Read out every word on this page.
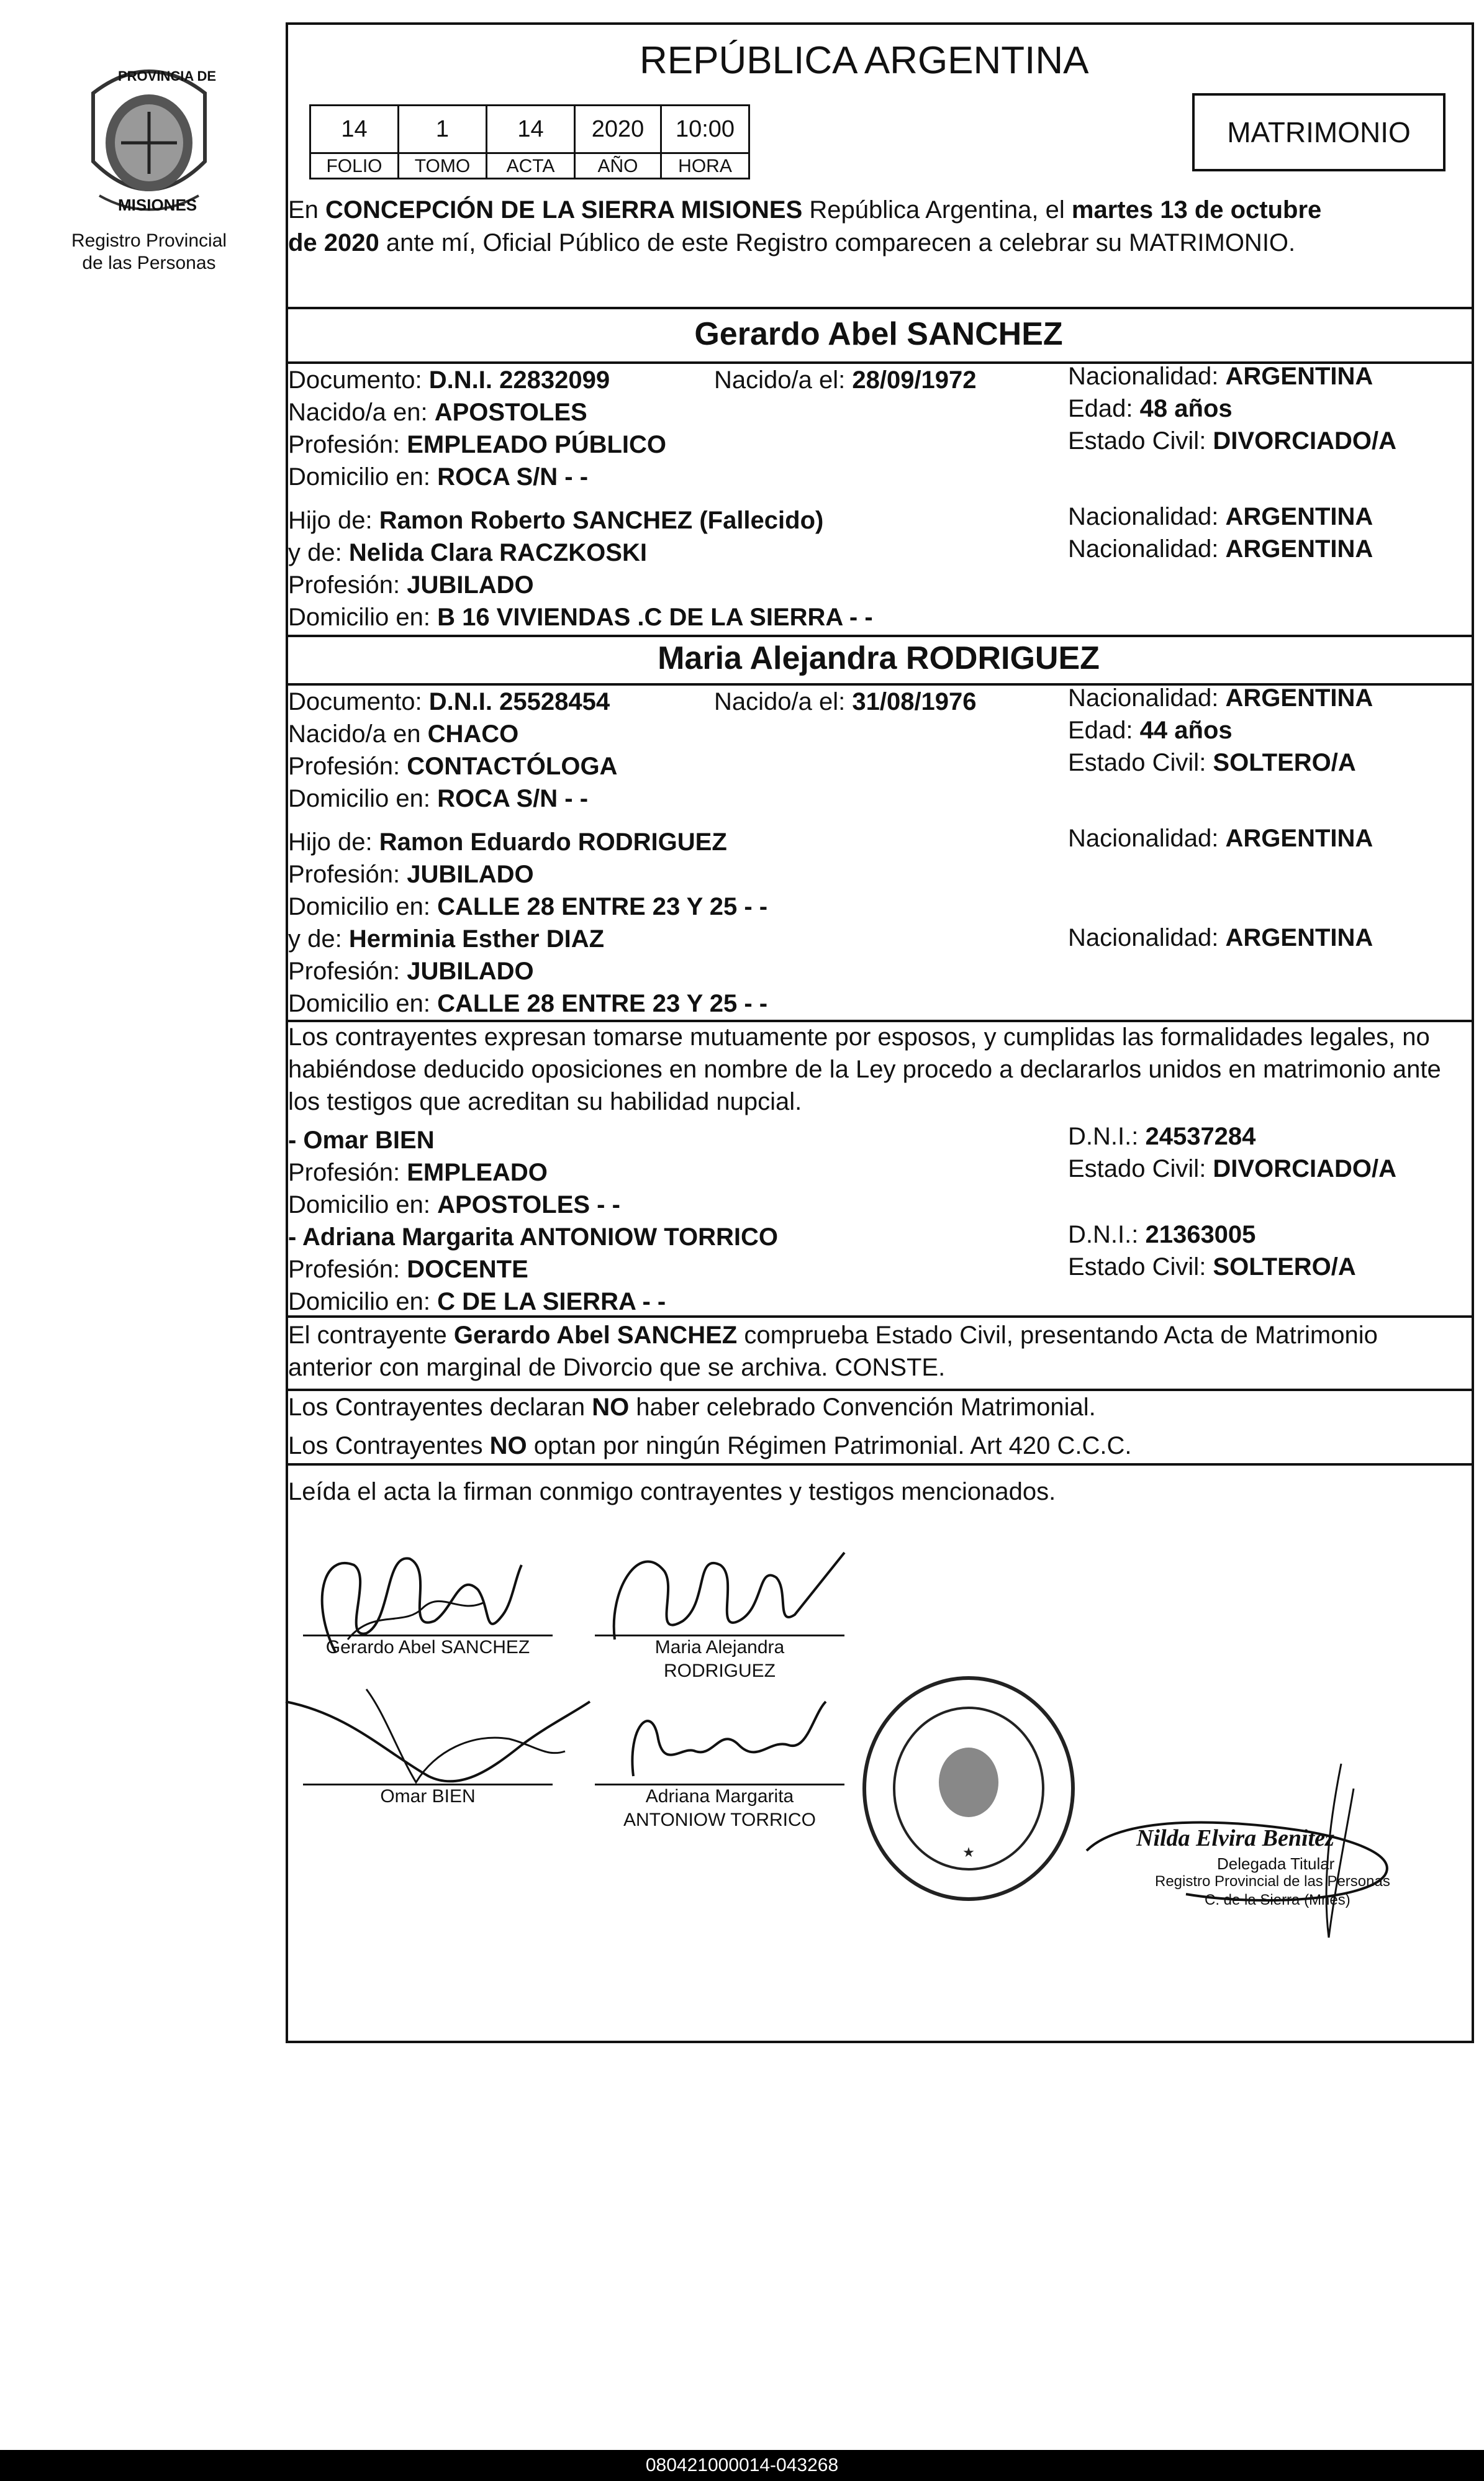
PROVINCIA DE
MISIONES
Registro Provincial
de las Personas
REPÚBLICA ARGENTINA
14	1	14	2020	10:00
FOLIO	TOMO	ACTA	AÑO	HORA
MATRIMONIO
En CONCEPCIÓN DE LA SIERRA MISIONES República Argentina, el martes 13 de octubre
de 2020 ante mí, Oficial Público de este Registro comparecen a celebrar su MATRIMONIO.
Gerardo Abel SANCHEZ
Documento: D.N.I. 22832099	Nacido/a el: 28/09/1972	Nacionalidad: ARGENTINA
Nacido/a en: APOSTOLES	Edad: 48 años
Profesión: EMPLEADO PÚBLICO	Estado Civil: DIVORCIADO/A
Domicilio en: ROCA S/N - -
Hijo de: Ramon Roberto SANCHEZ (Fallecido)	Nacionalidad: ARGENTINA
y de: Nelida Clara RACZKOSKI	Nacionalidad: ARGENTINA
Profesión: JUBILADO
Domicilio en: B 16 VIVIENDAS .C DE LA SIERRA - -
Maria Alejandra RODRIGUEZ
Documento: D.N.I. 25528454	Nacido/a el: 31/08/1976	Nacionalidad: ARGENTINA
Nacido/a en CHACO	Edad: 44 años
Profesión: CONTACTÓLOGA	Estado Civil: SOLTERO/A
Domicilio en: ROCA S/N - -
Hijo de: Ramon Eduardo RODRIGUEZ	Nacionalidad: ARGENTINA
Profesión: JUBILADO
Domicilio en: CALLE 28 ENTRE 23 Y 25 - -
y de: Herminia Esther DIAZ	Nacionalidad: ARGENTINA
Profesión: JUBILADO
Domicilio en: CALLE 28 ENTRE 23 Y 25 - -
Los contrayentes expresan tomarse mutuamente por esposos, y cumplidas las formalidades legales, no
habiéndose deducido oposiciones en nombre de la Ley procedo a declararlos unidos en matrimonio ante
los testigos que acreditan su habilidad nupcial.
- Omar BIEN	D.N.I.: 24537284
Profesión: EMPLEADO	Estado Civil: DIVORCIADO/A
Domicilio en: APOSTOLES - -
- Adriana Margarita ANTONIOW TORRICO	D.N.I.: 21363005
Profesión: DOCENTE	Estado Civil: SOLTERO/A
Domicilio en: C DE LA SIERRA - -
El contrayente Gerardo Abel SANCHEZ comprueba Estado Civil, presentando Acta de Matrimonio
anterior con marginal de Divorcio que se archiva. CONSTE.
Los Contrayentes declaran NO haber celebrado Convención Matrimonial.
Los Contrayentes NO optan por ningún Régimen Patrimonial. Art 420 C.C.C.
Leída el acta la firman conmigo contrayentes y testigos mencionados.
Gerardo Abel SANCHEZ	Maria Alejandra
RODRIGUEZ
Omar BIEN	Adriana Margarita
ANTONIOW TORRICO
★
Nilda Elvira Benitez
Delegada Titular
Registro Provincial de las Personas
C. de la Sierra (Mnes)
080421000014-043268
